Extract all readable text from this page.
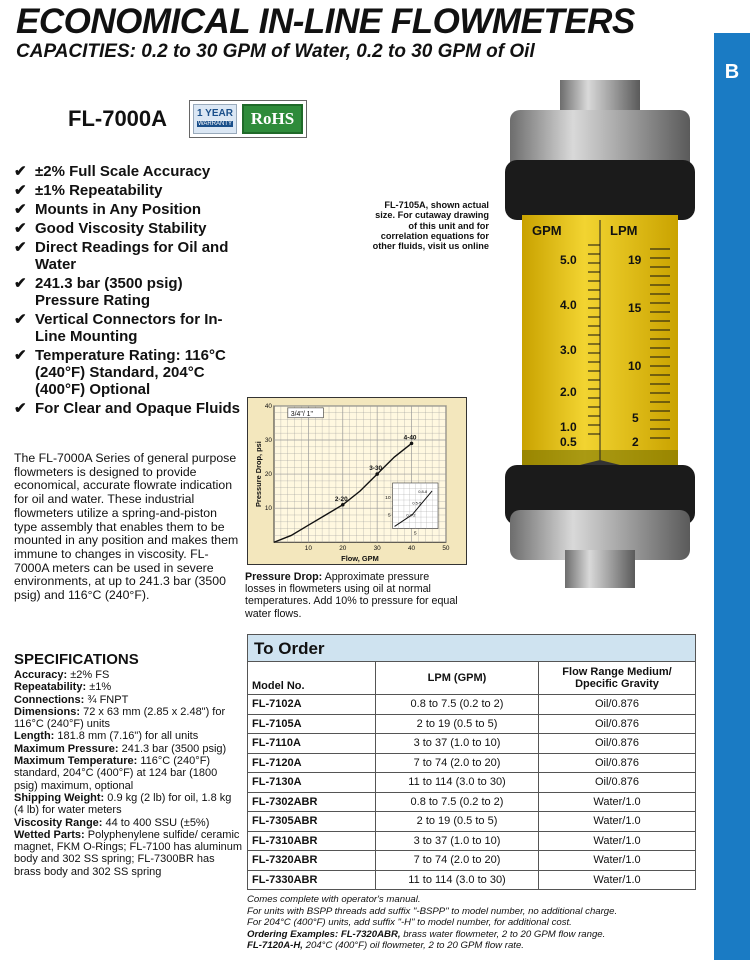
ECONOMICAL IN-LINE FLOWMETERS
CAPACITIES: 0.2 to 30 GPM of Water, 0.2 to 30 GPM of Oil
B
FL-7000A	1 YEAR
WARRANTY	RoHS
✔ ±2% Full Scale Accuracy
✔ ±1% Repeatability
✔ Mounts in Any Position
✔ Good Viscosity Stability
✔ Direct Readings for Oil and Water
✔ 241.3 bar (3500 psig) Pressure Rating
✔ Vertical Connectors for In-Line Mounting
✔ Temperature Rating: 116°C (240°F) Standard, 204°C (400°F) Optional
✔ For Clear and Opaque Fluids
The FL-7000A Series of general purpose flowmeters is designed to provide economical, accurate flowrate indication for oil and water. These industrial flowmeters utilize a spring-and-piston type assembly that enables them to be mounted in any position and makes them immune to changes in viscosity. FL-7000A meters can be used in severe environments, at up to 241.3 bar (3500 psig) and 116°C (240°F).
SPECIFICATIONS
Accuracy: ±2% FS
Repeatability: ±1%
Connections: ¾ FNPT
Dimensions: 72 x 63 mm (2.85 x 2.48") for 116°C (240°F) units
Length: 181.8 mm (7.16") for all units
Maximum Pressure: 241.3 bar (3500 psig)
Maximum Temperature: 116°C (240°F) standard, 204°C (400°F) at 124 bar (1800 psig) maximum, optional
Shipping Weight: 0.9 kg (2 lb) for oil, 1.8 kg (4 lb) for water meters
Viscosity Range: 44 to 400 SSU (±5%)
Wetted Parts: Polyphenylene sulfide/ ceramic magnet, FKM O-Rings; FL-7100 has aluminum body and 302 SS spring; FL-7300BR has brass body and 302 SS spring
FL-7105A, shown actual size. For cutaway drawing of this unit and for correlation equations for other fluids, visit us online
GPM	LPM
5.0
4.0
3.0
2.0
1.0
0.5
19
15
10
5
2
10	20	30	40	50
10
20
30
40
Flow, GPM
Pressure Drop, psi
3/4"/ 1"
2-20
3-30
4-40
0.8-8
0.5-5
0.2-2
5
5
10
Pressure Drop: Approximate pressure losses in flowmeters using oil at normal temperatures. Add 10% to pressure for equal water flows.
To Order
Model No.	LPM (GPM)	Flow Range Medium/ Dpecific Gravity
FL-7102A	0.8 to 7.5 (0.2 to 2)	Oil/0.876
FL-7105A	2 to 19 (0.5 to 5)	Oil/0.876
FL-7110A	3 to 37 (1.0 to 10)	Oil/0.876
FL-7120A	7 to 74 (2.0 to 20)	Oil/0.876
FL-7130A	11 to 114 (3.0 to 30)	Oil/0.876
FL-7302ABR	0.8 to 7.5 (0.2 to 2)	Water/1.0
FL-7305ABR	2 to 19 (0.5 to 5)	Water/1.0
FL-7310ABR	3 to 37 (1.0 to 10)	Water/1.0
FL-7320ABR	7 to 74 (2.0 to 20)	Water/1.0
FL-7330ABR	11 to 114 (3.0 to 30)	Water/1.0
Comes complete with operator's manual.
For units with BSPP threads add suffix "-BSPP" to model number, no additional charge.
For 204°C (400°F) units, add suffix "-H" to model number, for additional cost.
Ordering Examples: FL-7320ABR, brass water flowmeter, 2 to 20 GPM flow range.
FL-7120A-H, 204°C (400°F) oil flowmeter, 2 to 20 GPM flow rate.
